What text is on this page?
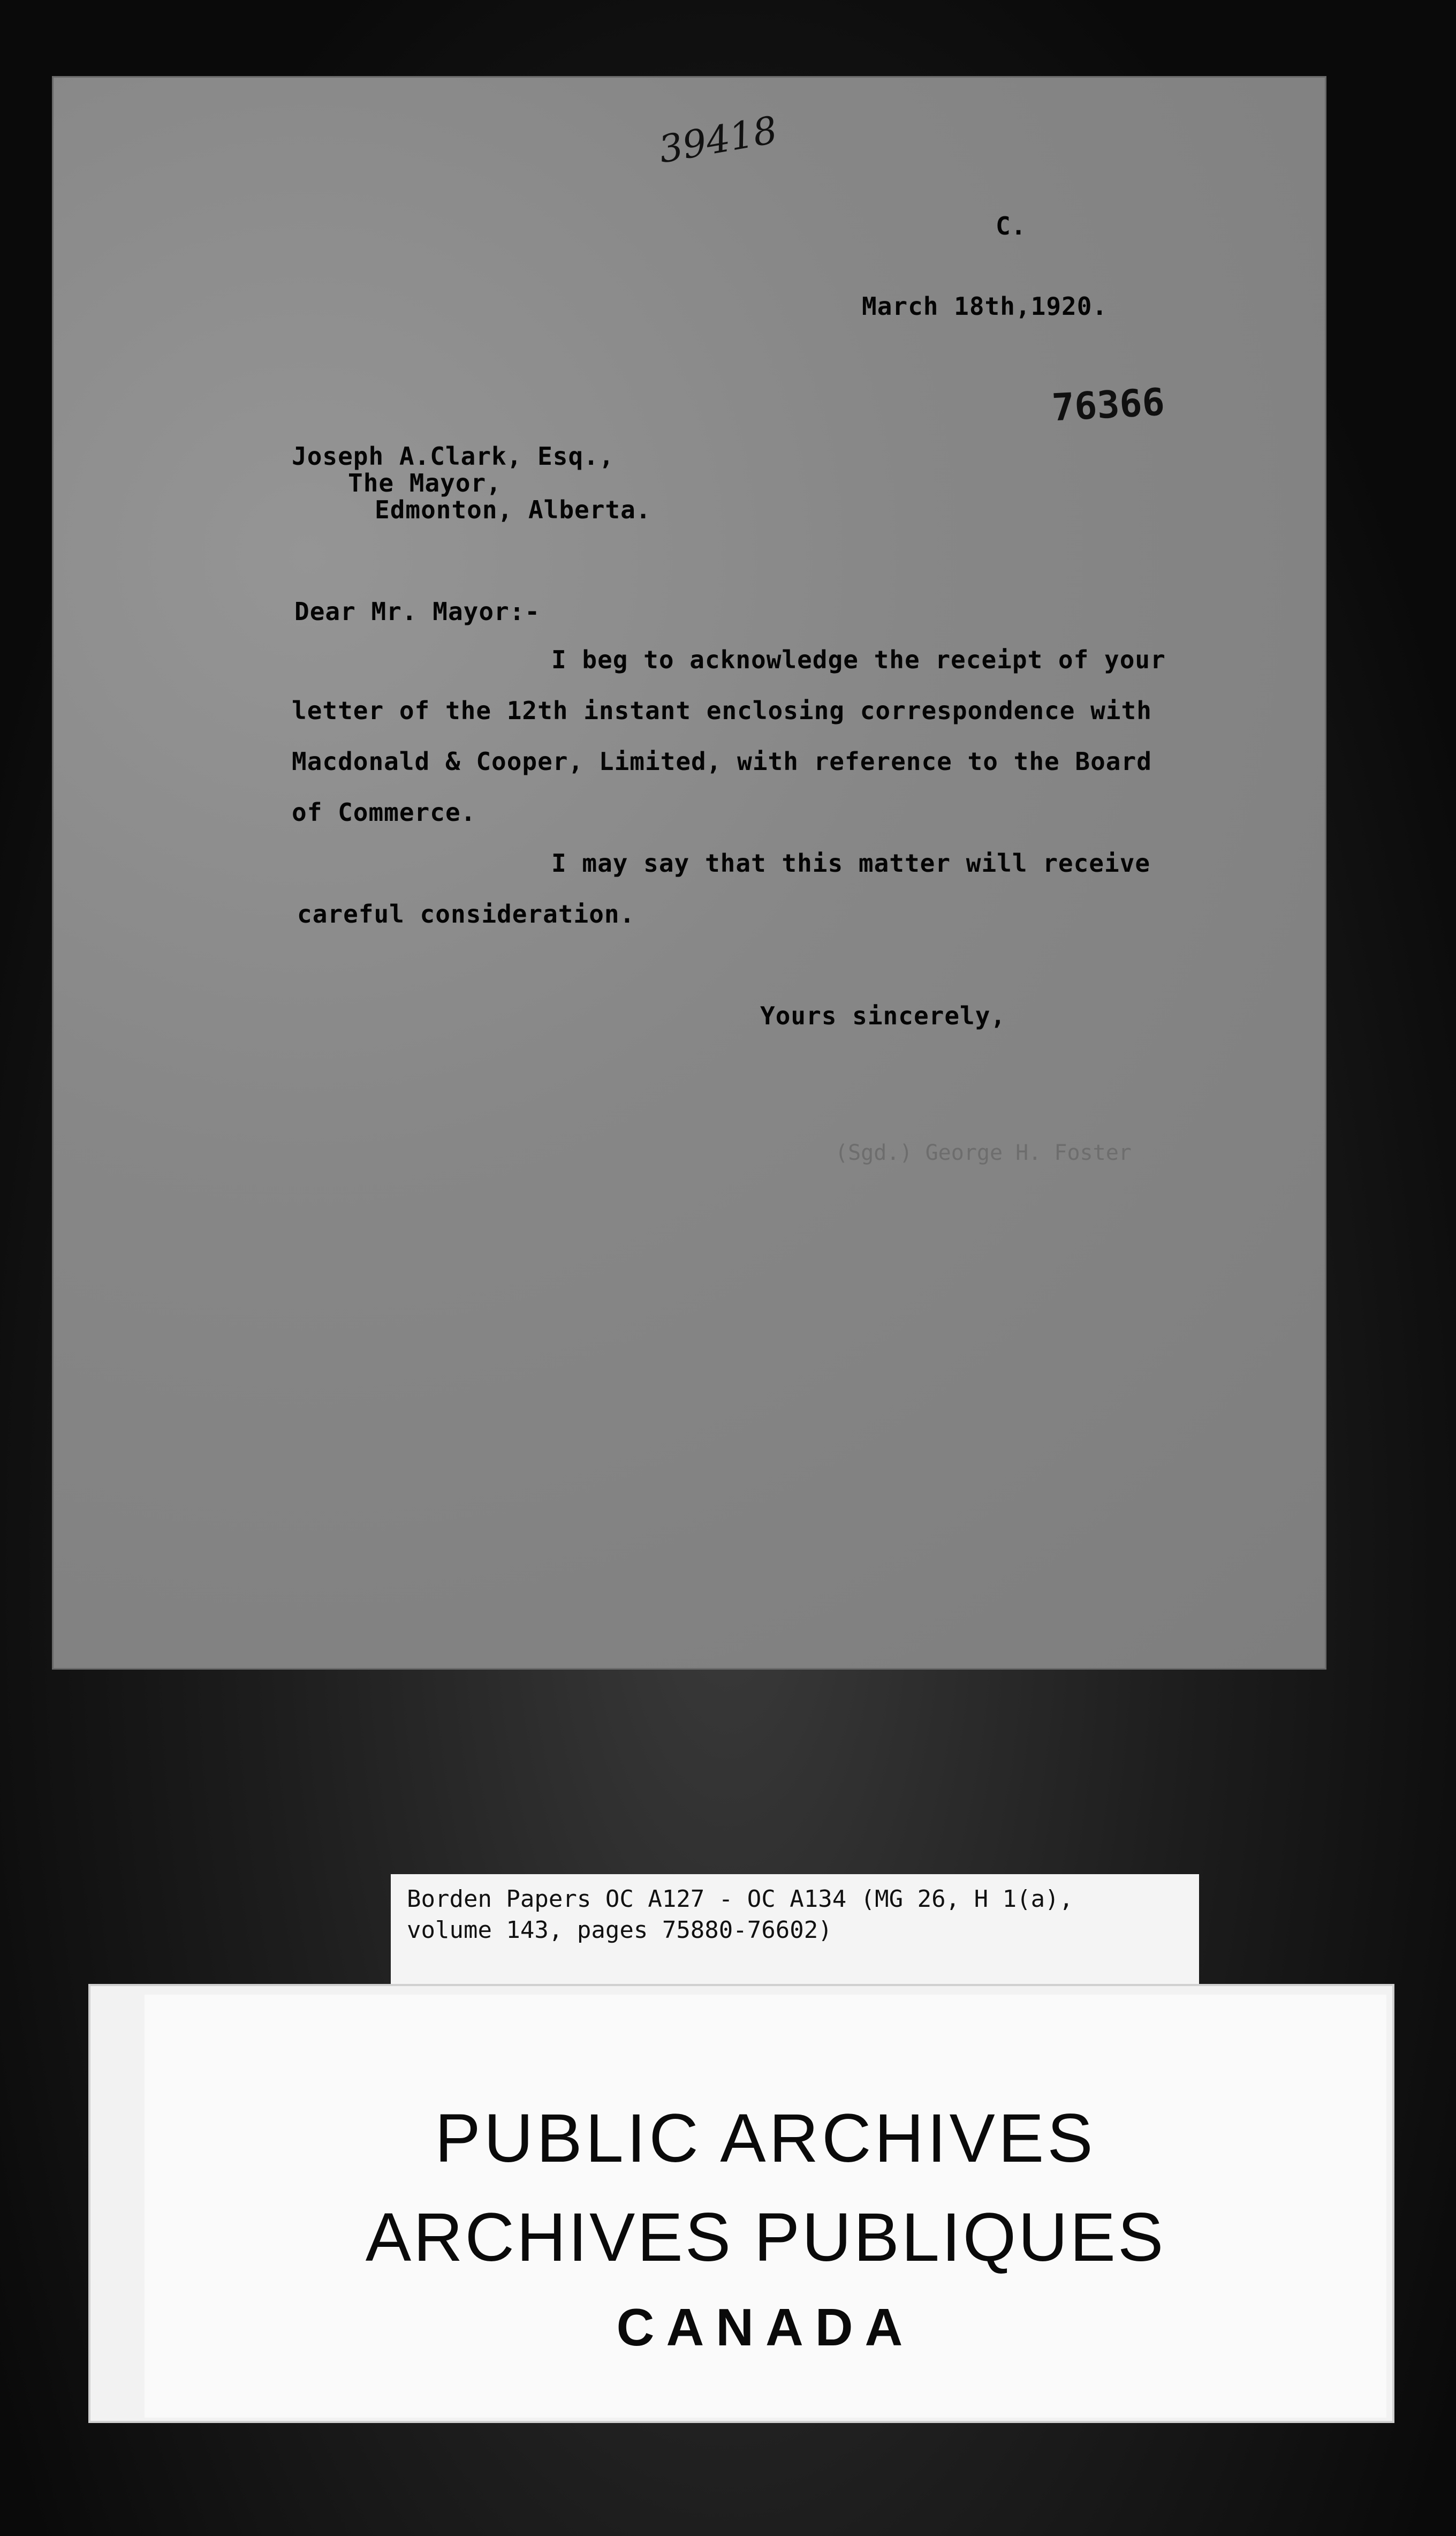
39418
C.
March 18th,1920.
76366
Joseph A.Clark, Esq.,
The Mayor,
Edmonton, Alberta.
Dear Mr. Mayor:-
I beg to acknowledge the receipt of your
letter of the 12th instant enclosing correspondence with
Macdonald & Cooper, Limited, with reference to the Board
of Commerce.
I may say that this matter will receive
careful consideration.
Yours sincerely,
(Sgd.) George H. Foster
Borden Papers OC A127 - OC A134 (MG 26, H 1(a),
volume 143, pages 75880-76602)
PUBLIC ARCHIVES
ARCHIVES PUBLIQUES
CANADA
